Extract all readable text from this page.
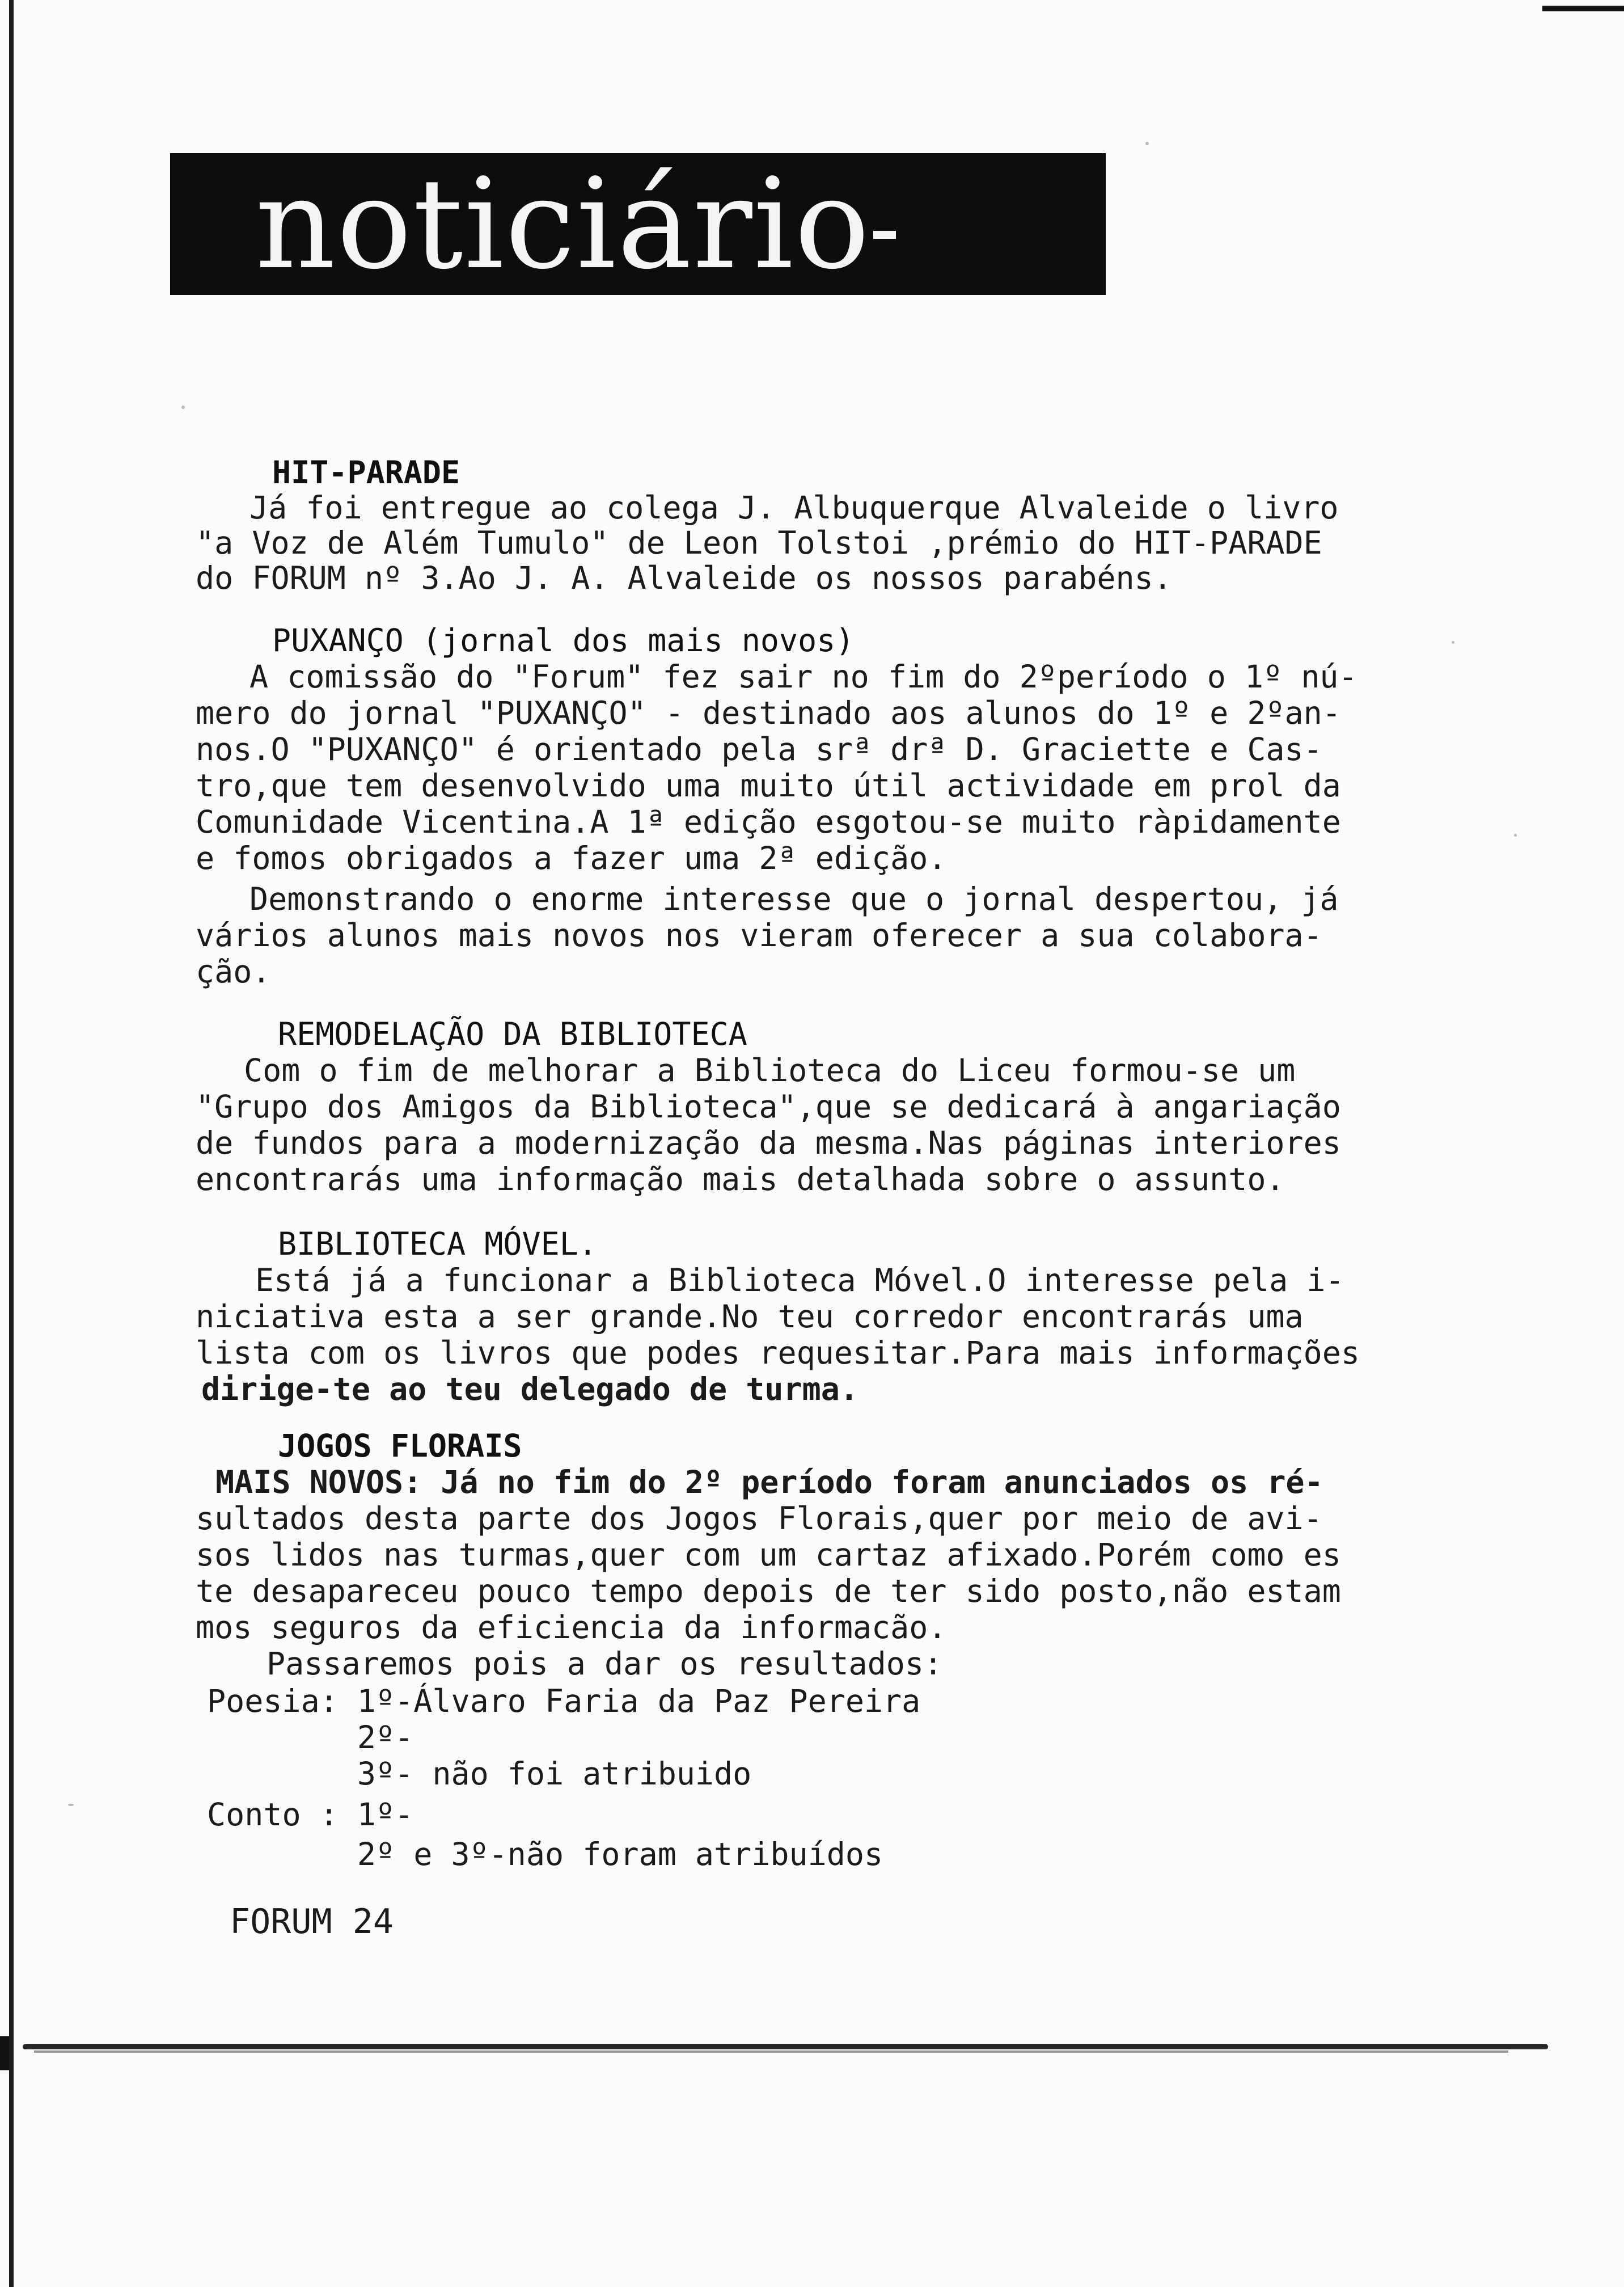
noticiário
HIT-PARADE
Já foi entregue ao colega J. Albuquerque Alvaleide o livro
"a Voz de Além Tumulo" de Leon Tolstoi ,prémio do HIT-PARADE
do FORUM nº 3.Ao J. A. Alvaleide os nossos parabéns.
PUXANÇO (jornal dos mais novos)
A comissão do "Forum" fez sair no fim do 2ºperíodo o 1º nú-
mero do jornal "PUXANÇO" - destinado aos alunos do 1º e 2ºan-
nos.O "PUXANÇO" é orientado pela srª drª D. Graciette e Cas-
tro,que tem desenvolvido uma muito útil actividade em prol da
Comunidade Vicentina.A 1ª edição esgotou-se muito ràpidamente
e fomos obrigados a fazer uma 2ª edição.
Demonstrando o enorme interesse que o jornal despertou, já
vários alunos mais novos nos vieram oferecer a sua colabora-
ção.
REMODELAÇÃO DA BIBLIOTECA
Com o fim de melhorar a Biblioteca do Liceu formou-se um
"Grupo dos Amigos da Biblioteca",que se dedicará à angariação
de fundos para a modernização da mesma.Nas páginas interiores
encontrarás uma informação mais detalhada sobre o assunto.
BIBLIOTECA MÓVEL.
Está já a funcionar a Biblioteca Móvel.O interesse pela i-
niciativa esta a ser grande.No teu corredor encontrarás uma
lista com os livros que podes requesitar.Para mais informações
dirige-te ao teu delegado de turma.
JOGOS FLORAIS
MAIS NOVOS: Já no fim do 2º período foram anunciados os ré-
sultados desta parte dos Jogos Florais,quer por meio de avi-
sos lidos nas turmas,quer com um cartaz afixado.Porém como es
te desapareceu pouco tempo depois de ter sido posto,não estam
mos seguros da eficiencia da informacão.
Passaremos pois a dar os resultados:
Poesia: 1º-Álvaro Faria da Paz Pereira
2º-
3º- não foi atribuido
Conto : 1º-
2º e 3º-não foram atribuídos
FORUM 24
